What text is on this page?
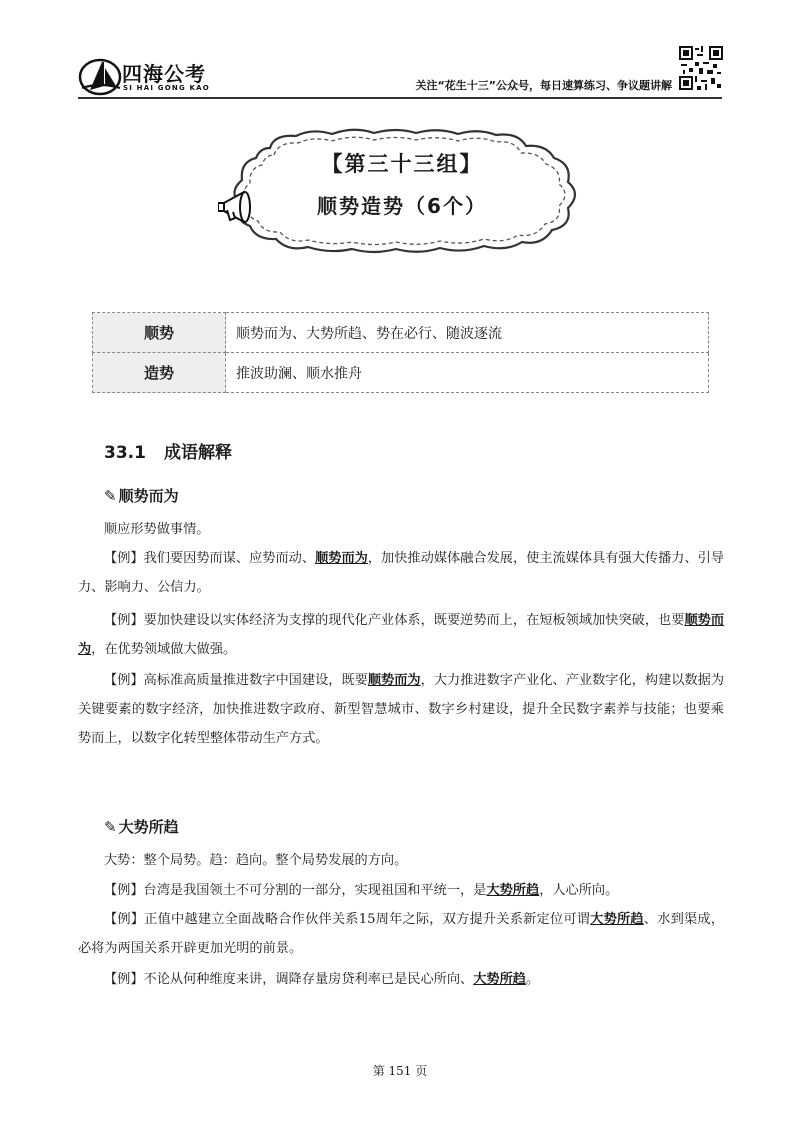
四海公考
SI HAI GONG KAO	关注“花生十三”公众号，每日速算练习、争议题讲解
【第三十三组】
顺势造势（6个）
顺势	顺势而为、大势所趋、势在必行、随波逐流
造势	推波助澜、顺水推舟
33.1 成语解释
✎ 顺势而为
顺应形势做事情。
【例】我们要因势而谋、应势而动、顺势而为，加快推动媒体融合发展，使主流媒体具有强大传播力、引导力、影响力、公信力。
【例】要加快建设以实体经济为支撑的现代化产业体系，既要逆势而上，在短板领域加快突破，也要顺势而为，在优势领域做大做强。
【例】高标准高质量推进数字中国建设，既要顺势而为，大力推进数字产业化、产业数字化，构建以数据为关键要素的数字经济，加快推进数字政府、新型智慧城市、数字乡村建设，提升全民数字素养与技能；也要乘势而上，以数字化转型整体带动生产方式。
✎ 大势所趋
大势：整个局势。趋：趋向。整个局势发展的方向。
【例】台湾是我国领土不可分割的一部分，实现祖国和平统一，是大势所趋，人心所向。
【例】正值中越建立全面战略合作伙伴关系15周年之际，双方提升关系新定位可谓大势所趋、水到渠成，必将为两国关系开辟更加光明的前景。
【例】不论从何种维度来讲，调降存量房贷利率已是民心所向、大势所趋。
第 151 页
